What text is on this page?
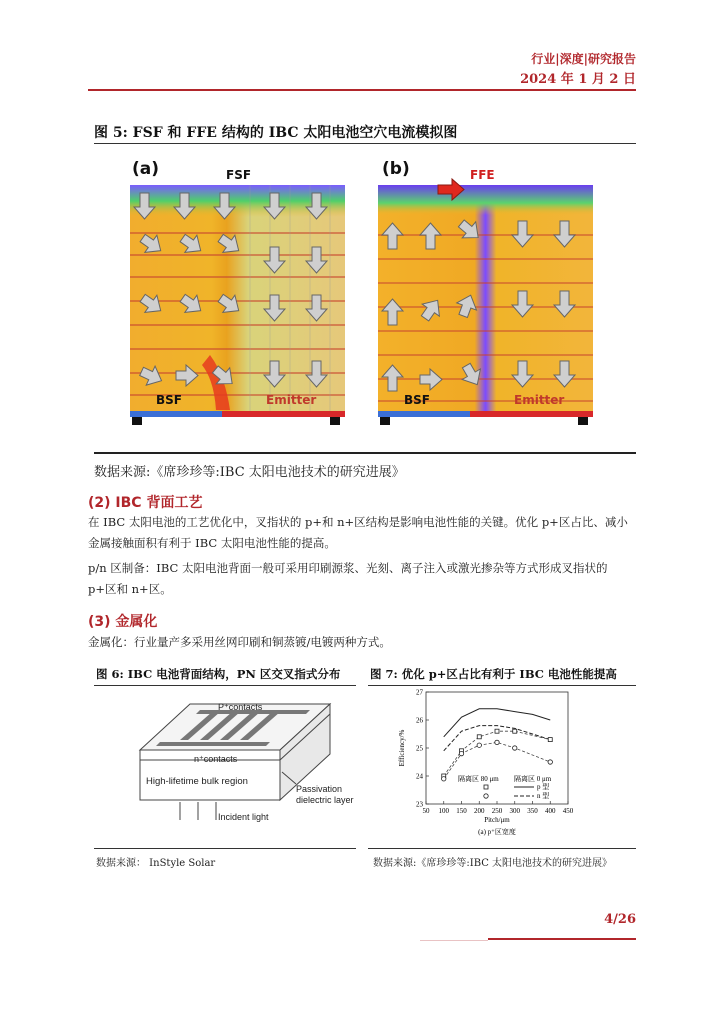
行业|深度|研究报告
2024 年 1 月 2 日
图 5: FSF 和 FFE 结构的 IBC 太阳电池空穴电流模拟图
(a)	FSF
BSF	Emitter
(b)	FFE
BSF	Emitter
数据来源:《席珍珍等:IBC 太阳电池技术的研究进展》
(2) IBC 背面工艺
在 IBC 太阳电池的工艺优化中，叉指状的 p+和 n+区结构是影响电池性能的关键。优化 p+区占比、减小金属接触面积有利于 IBC 太阳电池性能的提高。
p/n 区制备：IBC 太阳电池背面一般可采用印刷源浆、光刻、离子注入或激光掺杂等方式形成叉指状的 p+区和 n+区。
(3) 金属化
金属化：行业量产多采用丝网印刷和铜蒸镀/电镀两种方式。
图 6: IBC 电池背面结构，PN 区交叉指式分布
P⁺contacts
n⁺contacts
High-lifetime bulk region
Passivation dielectric layer
Incident light
数据来源： InStyle Solar
图 7: 优化 p+区占比有利于 IBC 电池性能提高
50 100 150 200 250 300 350 400 450
23
24
25
26
27
Pitch/μm
Efficiency/%
隔离区 80 μm 隔离区 0 μm
p 型
n 型
(a) p⁺区宽度
数据来源:《席珍珍等:IBC 太阳电池技术的研究进展》
4/26
